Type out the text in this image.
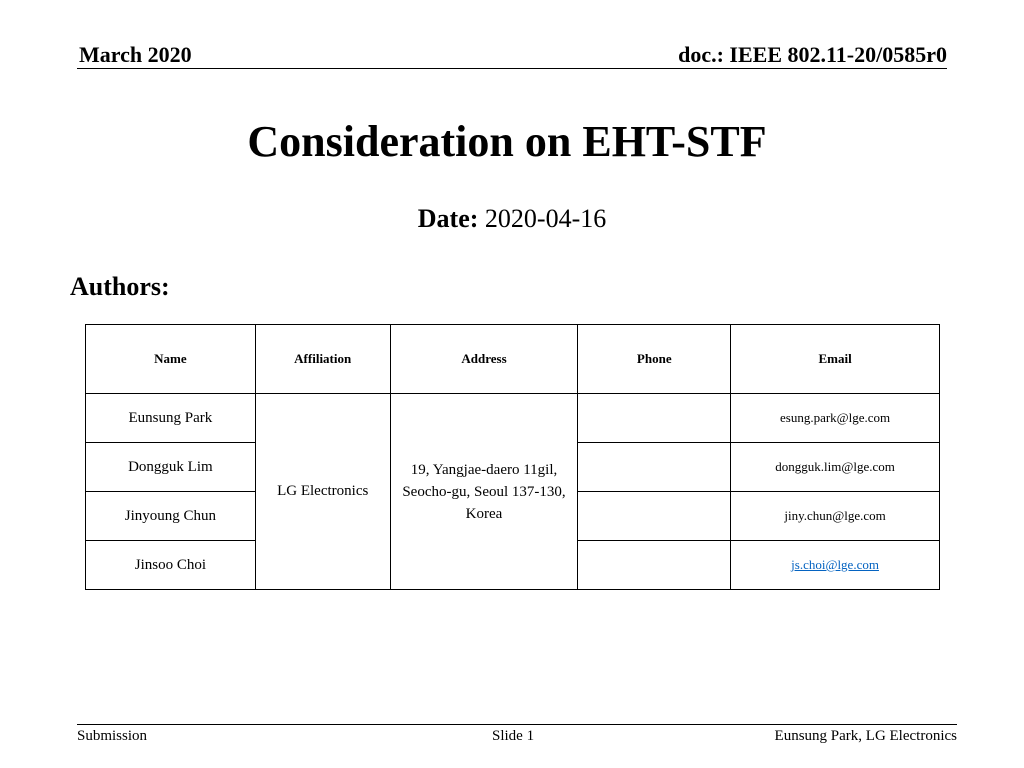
March 2020	doc.: IEEE 802.11-20/0585r0
Consideration on EHT-STF
Date: 2020-04-16
Authors:
Name	Affiliation	Address	Phone	Email
Eunsung Park	LG Electronics	19, Yangjae-daero 11gil, Seocho-gu, Seoul 137-130, Korea		esung.park@lge.com
Dongguk Lim				dongguk.lim@lge.com
Jinyoung Chun				jiny.chun@lge.com
Jinsoo Choi				js.choi@lge.com
Submission	Slide 1	Eunsung Park, LG Electronics
